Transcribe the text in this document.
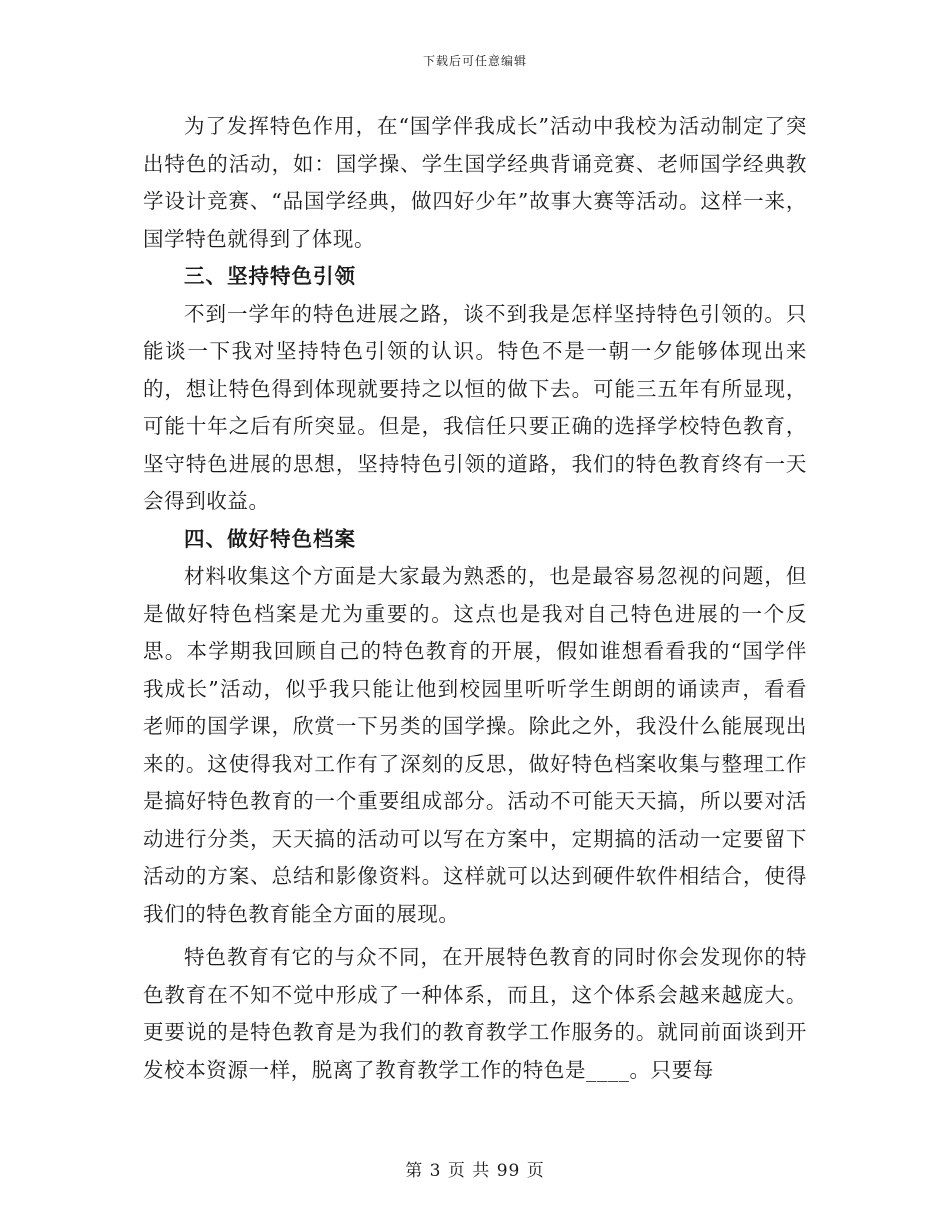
下载后可任意编辑

为了发挥特色作用，在“国学伴我成长”活动中我校为活动制定了突出特色的活动，如：国学操、学生国学经典背诵竞赛、老师国学经典教学设计竞赛、“品国学经典，做四好少年”故事大赛等活动。这样一来，国学特色就得到了体现。

三、坚持特色引领

不到一学年的特色进展之路，谈不到我是怎样坚持特色引领的。只能谈一下我对坚持特色引领的认识。特色不是一朝一夕能够体现出来的，想让特色得到体现就要持之以恒的做下去。可能三五年有所显现，可能十年之后有所突显。但是，我信任只要正确的选择学校特色教育，坚守特色进展的思想，坚持特色引领的道路，我们的特色教育终有一天会得到收益。

四、做好特色档案

材料收集这个方面是大家最为熟悉的，也是最容易忽视的问题，但是做好特色档案是尤为重要的。这点也是我对自己特色进展的一个反思。本学期我回顾自己的特色教育的开展，假如谁想看看我的“国学伴我成长”活动，似乎我只能让他到校园里听听学生朗朗的诵读声，看看老师的国学课，欣赏一下另类的国学操。除此之外，我没什么能展现出来的。这使得我对工作有了深刻的反思，做好特色档案收集与整理工作是搞好特色教育的一个重要组成部分。活动不可能天天搞，所以要对活动进行分类，天天搞的活动可以写在方案中，定期搞的活动一定要留下活动的方案、总结和影像资料。这样就可以达到硬件软件相结合，使得我们的特色教育能全方面的展现。

特色教育有它的与众不同，在开展特色教育的同时你会发现你的特色教育在不知不觉中形成了一种体系，而且，这个体系会越来越庞大。更要说的是特色教育是为我们的教育教学工作服务的。就同前面谈到开发校本资源一样，脱离了教育教学工作的特色是____。只要每

第 3 页 共 99 页
